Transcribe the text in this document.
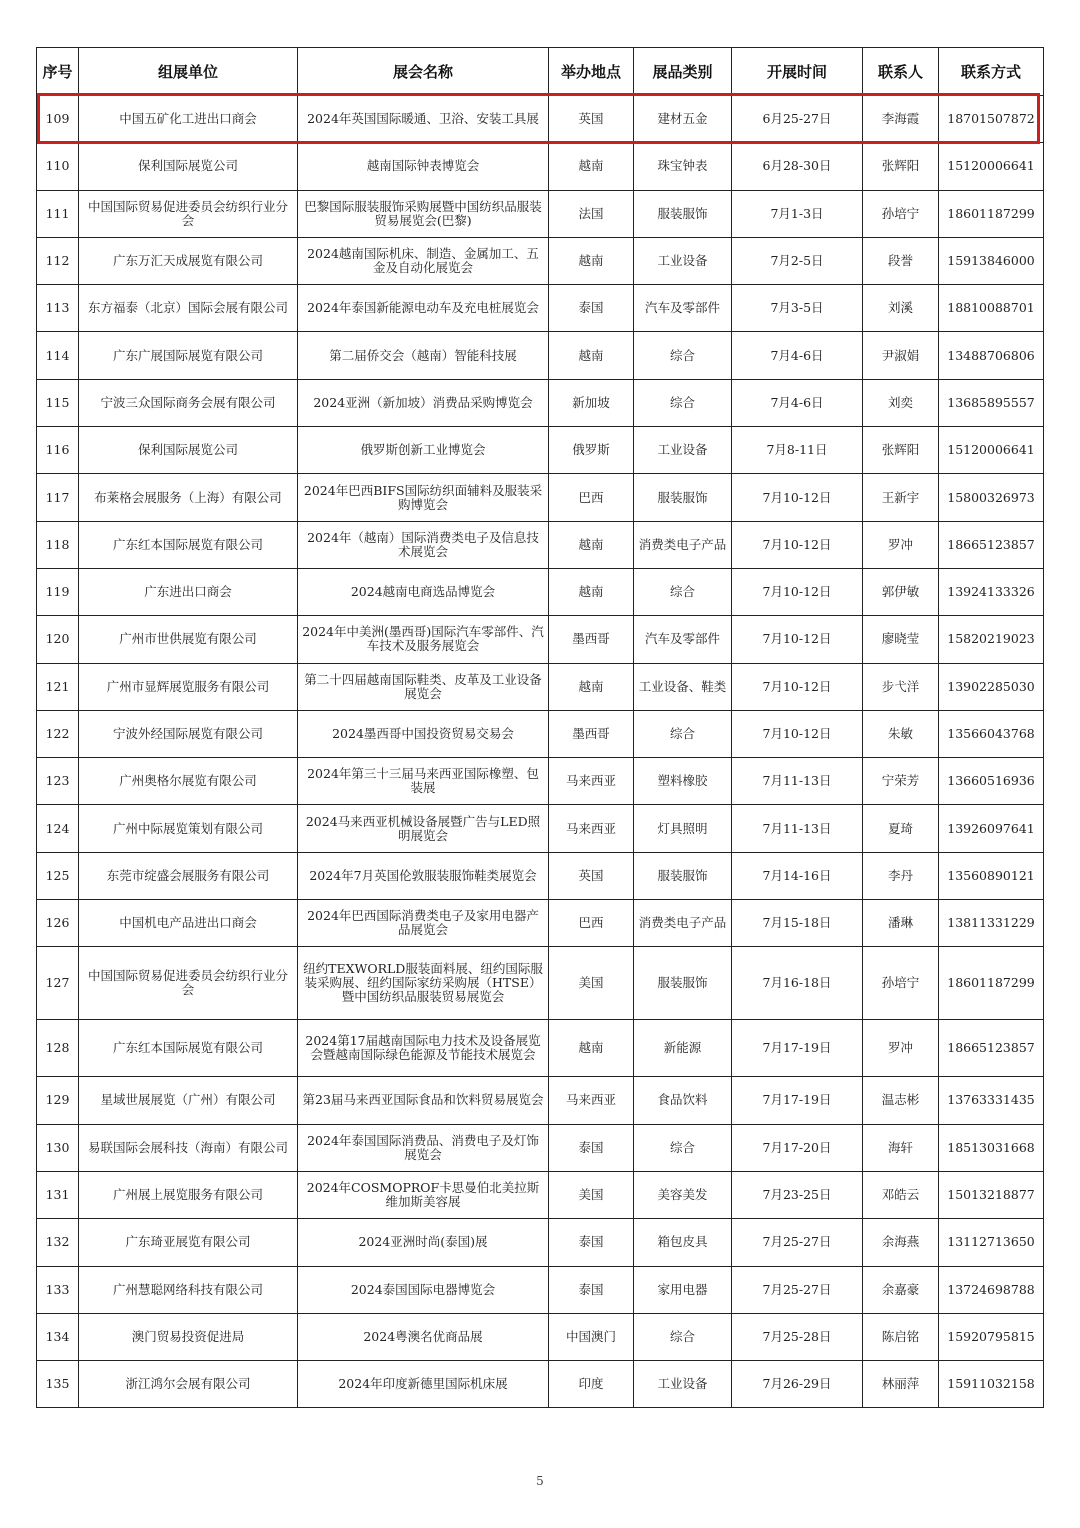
序号	组展单位	展会名称	举办地点	展品类别	开展时间	联系人	联系方式
109	中国五矿化工进出口商会	2024年英国国际暖通、卫浴、安装工具展	英国	建材五金	6月25-27日	李海霞	18701507872
110	保利国际展览公司	越南国际钟表博览会	越南	珠宝钟表	6月28-30日	张辉阳	15120006641
111	中国国际贸易促进委员会纺织行业分会	巴黎国际服装服饰采购展暨中国纺织品服装贸易展览会(巴黎)	法国	服装服饰	7月1-3日	孙培宁	18601187299
112	广东万汇天成展览有限公司	2024越南国际机床、制造、金属加工、五金及自动化展览会	越南	工业设备	7月2-5日	段誉	15913846000
113	东方福泰（北京）国际会展有限公司	2024年泰国新能源电动车及充电桩展览会	泰国	汽车及零部件	7月3-5日	刘溪	18810088701
114	广东广展国际展览有限公司	第二届侨交会（越南）智能科技展	越南	综合	7月4-6日	尹淑娟	13488706806
115	宁波三众国际商务会展有限公司	2024亚洲（新加坡）消费品采购博览会	新加坡	综合	7月4-6日	刘奕	13685895557
116	保利国际展览公司	俄罗斯创新工业博览会	俄罗斯	工业设备	7月8-11日	张辉阳	15120006641
117	布莱格会展服务（上海）有限公司	2024年巴西BIFS国际纺织面辅料及服装采购博览会	巴西	服装服饰	7月10-12日	王新宇	15800326973
118	广东红本国际展览有限公司	2024年（越南）国际消费类电子及信息技术展览会	越南	消费类电子产品	7月10-12日	罗冲	18665123857
119	广东进出口商会	2024越南电商选品博览会	越南	综合	7月10-12日	郭伊敏	13924133326
120	广州市世供展览有限公司	2024年中美洲(墨西哥)国际汽车零部件、汽车技术及服务展览会	墨西哥	汽车及零部件	7月10-12日	廖晓莹	15820219023
121	广州市显辉展览服务有限公司	第二十四届越南国际鞋类、皮革及工业设备展览会	越南	工业设备、鞋类	7月10-12日	步弋洋	13902285030
122	宁波外经国际展览有限公司	2024墨西哥中国投资贸易交易会	墨西哥	综合	7月10-12日	朱敏	13566043768
123	广州奥格尔展览有限公司	2024年第三十三届马来西亚国际橡塑、包装展	马来西亚	塑料橡胶	7月11-13日	宁荣芳	13660516936
124	广州中际展览策划有限公司	2024马来西亚机械设备展暨广告与LED照明展览会	马来西亚	灯具照明	7月11-13日	夏琦	13926097641
125	东莞市绽盛会展服务有限公司	2024年7月英国伦敦服装服饰鞋类展览会	英国	服装服饰	7月14-16日	李丹	13560890121
126	中国机电产品进出口商会	2024年巴西国际消费类电子及家用电器产品展览会	巴西	消费类电子产品	7月15-18日	潘琳	13811331229
127	中国国际贸易促进委员会纺织行业分会	纽约TEXWORLD服装面料展、纽约国际服装采购展、纽约国际家纺采购展（HTSE）暨中国纺织品服装贸易展览会	美国	服装服饰	7月16-18日	孙培宁	18601187299
128	广东红本国际展览有限公司	2024第17届越南国际电力技术及设备展览会暨越南国际绿色能源及节能技术展览会	越南	新能源	7月17-19日	罗冲	18665123857
129	星域世展展览（广州）有限公司	第23届马来西亚国际食品和饮料贸易展览会	马来西亚	食品饮料	7月17-19日	温志彬	13763331435
130	易联国际会展科技（海南）有限公司	2024年泰国国际消费品、消费电子及灯饰展览会	泰国	综合	7月17-20日	海轩	18513031668
131	广州展上展览服务有限公司	2024年COSMOPROF卡思曼伯北美拉斯维加斯美容展	美国	美容美发	7月23-25日	邓皓云	15013218877
132	广东琦亚展览有限公司	2024亚洲时尚(泰国)展	泰国	箱包皮具	7月25-27日	余海燕	13112713650
133	广州慧聪网络科技有限公司	2024泰国国际电器博览会	泰国	家用电器	7月25-27日	余嘉豪	13724698788
134	澳门贸易投资促进局	2024粤澳名优商品展	中国澳门	综合	7月25-28日	陈启铭	15920795815
135	浙江鸿尔会展有限公司	2024年印度新德里国际机床展	印度	工业设备	7月26-29日	林丽萍	15911032158
5
